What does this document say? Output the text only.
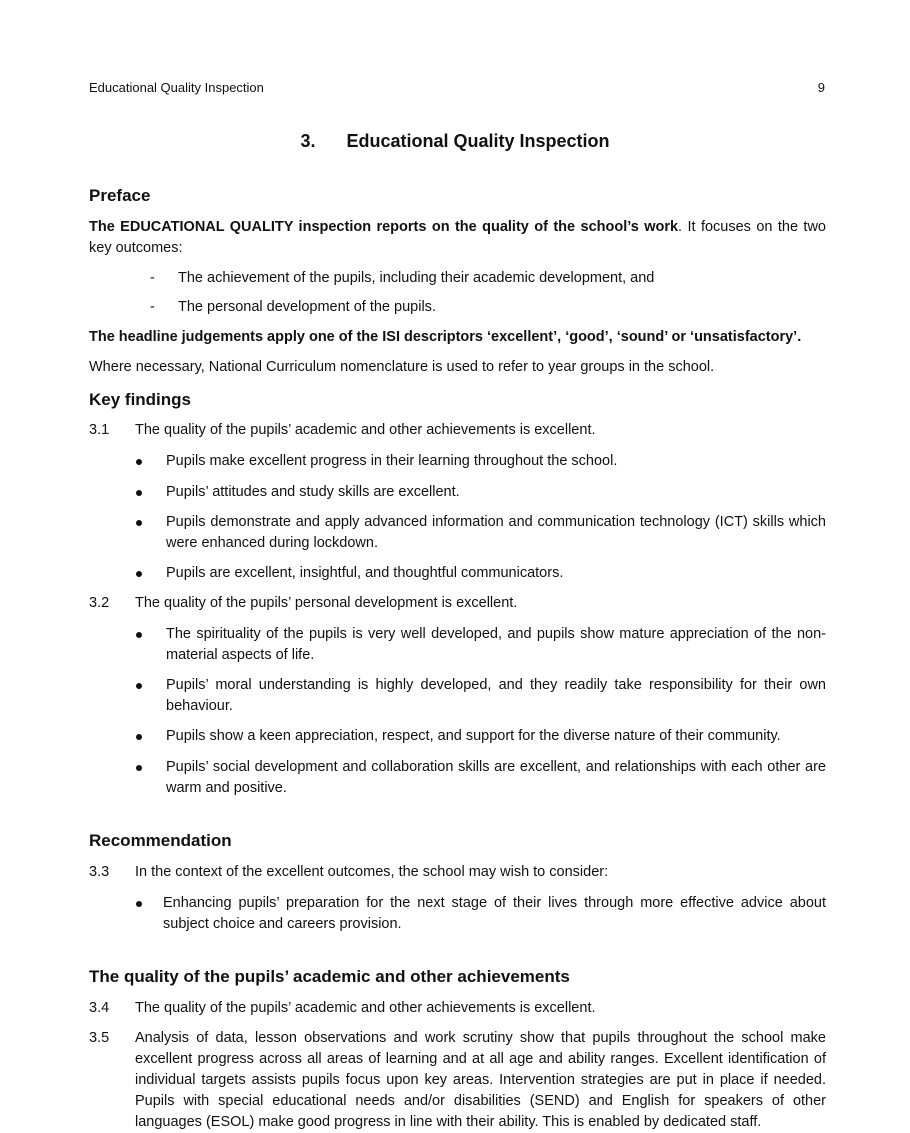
Educational Quality Inspection	9
3. Educational Quality Inspection
Preface
The EDUCATIONAL QUALITY inspection reports on the quality of the school’s work. It focuses on the two key outcomes:
- The achievement of the pupils, including their academic development, and
- The personal development of the pupils.
The headline judgements apply one of the ISI descriptors ‘excellent’, ‘good’, ‘sound’ or ‘unsatisfactory’.
Where necessary, National Curriculum nomenclature is used to refer to year groups in the school.
Key findings
3.1 The quality of the pupils’ academic and other achievements is excellent.
Pupils make excellent progress in their learning throughout the school.
Pupils’ attitudes and study skills are excellent.
Pupils demonstrate and apply advanced information and communication technology (ICT) skills which were enhanced during lockdown.
Pupils are excellent, insightful, and thoughtful communicators.
3.2 The quality of the pupils’ personal development is excellent.
The spirituality of the pupils is very well developed, and pupils show mature appreciation of the non-material aspects of life.
Pupils’ moral understanding is highly developed, and they readily take responsibility for their own behaviour.
Pupils show a keen appreciation, respect, and support for the diverse nature of their community.
Pupils’ social development and collaboration skills are excellent, and relationships with each other are warm and positive.
Recommendation
3.3 In the context of the excellent outcomes, the school may wish to consider:
Enhancing pupils’ preparation for the next stage of their lives through more effective advice about subject choice and careers provision.
The quality of the pupils’ academic and other achievements
3.4 The quality of the pupils’ academic and other achievements is excellent.
3.5 Analysis of data, lesson observations and work scrutiny show that pupils throughout the school make excellent progress across all areas of learning and at all age and ability ranges. Excellent identification of individual targets assists pupils focus upon key areas. Intervention strategies are put in place if needed. Pupils with special educational needs and/or disabilities (SEND) and English for speakers of other languages (ESOL) make good progress in line with their ability. This is enabled by dedicated staff.
